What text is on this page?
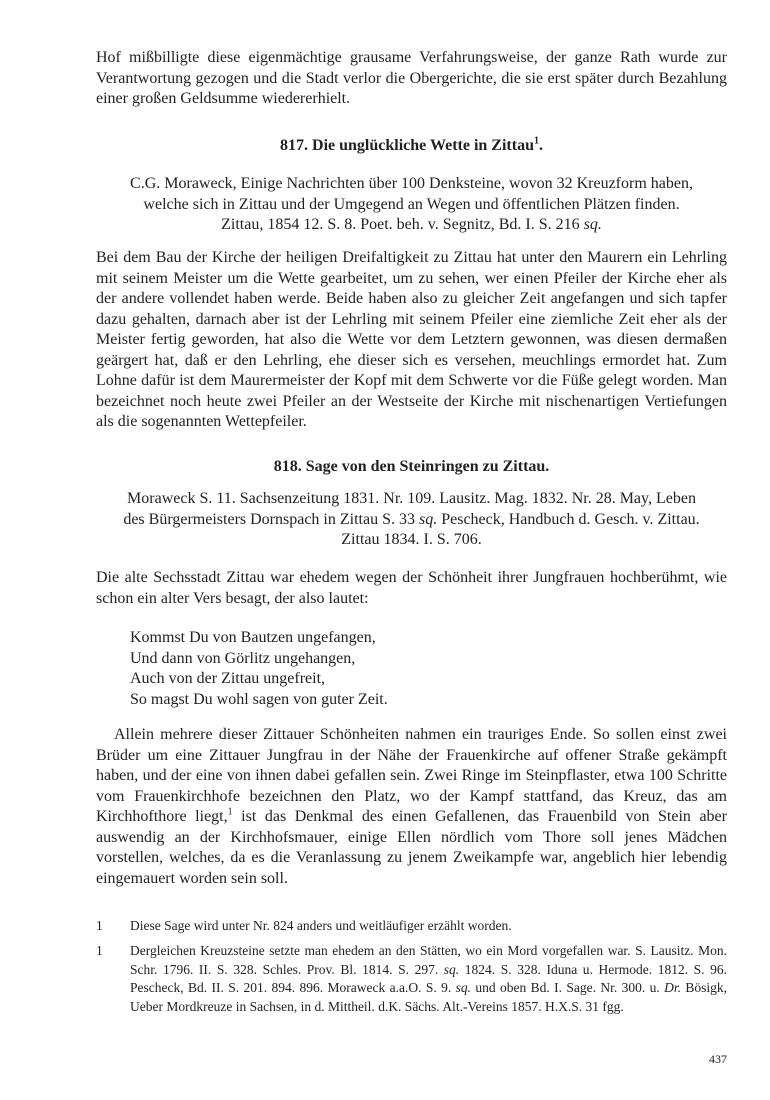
Hof mißbilligte diese eigenmächtige grausame Verfahrungsweise, der ganze Rath wurde zur Verantwortung gezogen und die Stadt verlor die Obergerichte, die sie erst später durch Bezahlung einer großen Geldsumme wiedererhielt.

817. Die unglückliche Wette in Zittau$^1$.
C.G. Moraweck, Einige Nachrichten über 100 Denksteine, wovon 32 Kreuzform haben,
welche sich in Zittau und der Umgegend an Wegen und öffentlichen Plätzen finden.
Zittau, 1854 12. S. 8. Poet. beh. v. Segnitz, Bd. I. S. 216 sq.

Bei dem Bau der Kirche der heiligen Dreifaltigkeit zu Zittau hat unter den Maurern ein Lehrling mit seinem Meister um die Wette gearbeitet, um zu sehen, wer einen Pfeiler der Kirche eher als der andere vollendet haben werde. Beide haben also zu gleicher Zeit angefangen und sich tapfer dazu gehalten, darnach aber ist der Lehrling mit seinem Pfeiler eine ziemliche Zeit eher als der Meister fertig geworden, hat also die Wette vor dem Letztern gewonnen, was diesen dermaßen geärgert hat, daß er den Lehrling, ehe dieser sich es versehen, meuchlings ermordet hat. Zum Lohne dafür ist dem Maurermeister der Kopf mit dem Schwerte vor die Füße gelegt worden. Man bezeichnet noch heute zwei Pfeiler an der Westseite der Kirche mit nischenartigen Vertiefungen als die sogenannten Wettepfeiler.

818. Sage von den Steinringen zu Zittau.
Moraweck S. 11. Sachsenzeitung 1831. Nr. 109. Lausitz. Mag. 1832. Nr. 28. May, Leben
des Bürgermeisters Dornspach in Zittau S. 33 sq. Pescheck, Handbuch d. Gesch. v. Zittau.
Zittau 1834. I. S. 706.

Die alte Sechsstadt Zittau war ehedem wegen der Schönheit ihrer Jungfrauen hochberühmt, wie schon ein alter Vers besagt, der also lautet:

Kommst Du von Bautzen ungefangen,
Und dann von Görlitz ungehangen,
Auch von der Zittau ungefreit,
So magst Du wohl sagen von guter Zeit.

Allein mehrere dieser Zittauer Schönheiten nahmen ein trauriges Ende. So sollen einst zwei Brüder um eine Zittauer Jungfrau in der Nähe der Frauenkirche auf offener Straße gekämpft haben, und der eine von ihnen dabei gefallen sein. Zwei Ringe im Steinpflaster, etwa 100 Schritte vom Frauenkirchhofe bezeichnen den Platz, wo der Kampf stattfand, das Kreuz, das am Kirchhofthore liegt,$^1$ ist das Denkmal des einen Gefallenen, das Frauenbild von Stein aber auswendig an der Kirchhofsmauer, einige Ellen nördlich vom Thore soll jenes Mädchen vorstellen, welches, da es die Veranlassung zu jenem Zweikampfe war, angeblich hier lebendig eingemauert worden sein soll.

1	Diese Sage wird unter Nr. 824 anders und weitläufiger erzählt worden.
1	Dergleichen Kreuzsteine setzte man ehedem an den Stätten, wo ein Mord vorgefallen war. S. Lausitz. Mon. Schr. 1796. II. S. 328. Schles. Prov. Bl. 1814. S. 297. sq. 1824. S. 328. Iduna u. Hermode. 1812. S. 96. Pescheck, Bd. II. S. 201. 894. 896. Moraweck a.a.O. S. 9. sq. und oben Bd. I. Sage. Nr. 300. u. Dr. Bösigk, Ueber Mordkreuze in Sachsen, in d. Mittheil. d.K. Sächs. Alt.-Vereins 1857. H.X.S. 31 fgg.
437
